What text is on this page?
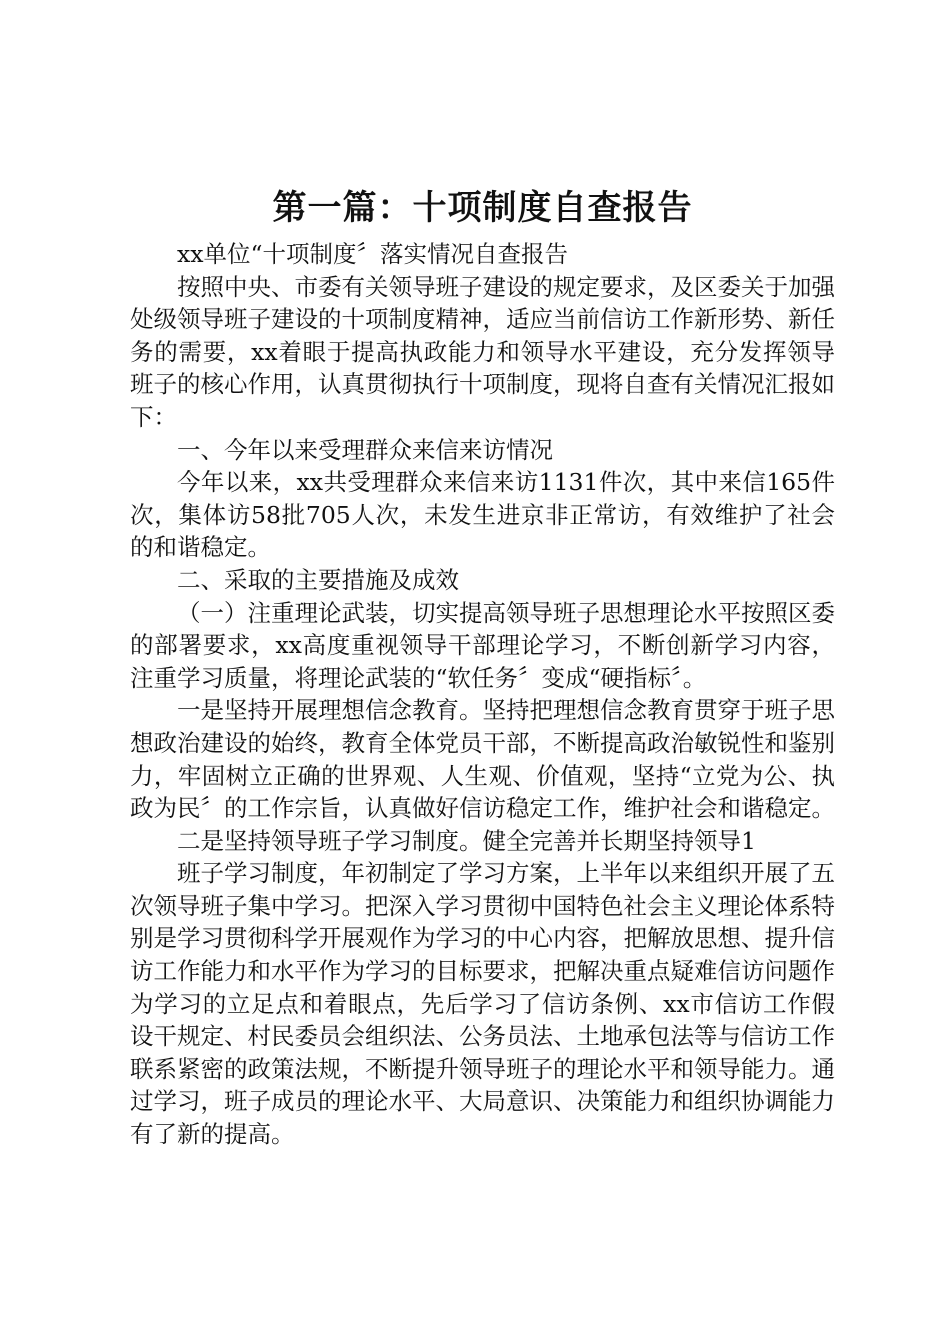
第一篇：十项制度自查报告

xx单位“十项制度〞落实情况自查报告

按照中央、市委有关领导班子建设的规定要求，及区委关于加强处级领导班子建设的十项制度精神，适应当前信访工作新形势、新任务的需要，xx着眼于提高执政能力和领导水平建设，充分发挥领导班子的核心作用，认真贯彻执行十项制度，现将自查有关情况汇报如下：

一、今年以来受理群众来信来访情况

今年以来，xx共受理群众来信来访1131件次，其中来信165件次，集体访58批705人次，未发生进京非正常访，有效维护了社会的和谐稳定。

二、采取的主要措施及成效

（一）注重理论武装，切实提高领导班子思想理论水平按照区委的部署要求，xx高度重视领导干部理论学习，不断创新学习内容，注重学习质量，将理论武装的“软任务〞变成“硬指标〞。

一是坚持开展理想信念教育。坚持把理想信念教育贯穿于班子思想政治建设的始终，教育全体党员干部，不断提高政治敏锐性和鉴别力，牢固树立正确的世界观、人生观、价值观，坚持“立党为公、执政为民〞的工作宗旨，认真做好信访稳定工作，维护社会和谐稳定。

二是坚持领导班子学习制度。健全完善并长期坚持领导1

班子学习制度，年初制定了学习方案，上半年以来组织开展了五次领导班子集中学习。把深入学习贯彻中国特色社会主义理论体系特别是学习贯彻科学开展观作为学习的中心内容，把解放思想、提升信访工作能力和水平作为学习的目标要求，把解决重点疑难信访问题作为学习的立足点和着眼点，先后学习了信访条例、xx市信访工作假设干规定、村民委员会组织法、公务员法、土地承包法等与信访工作联系紧密的政策法规，不断提升领导班子的理论水平和领导能力。通过学习，班子成员的理论水平、大局意识、决策能力和组织协调能力有了新的提高。
